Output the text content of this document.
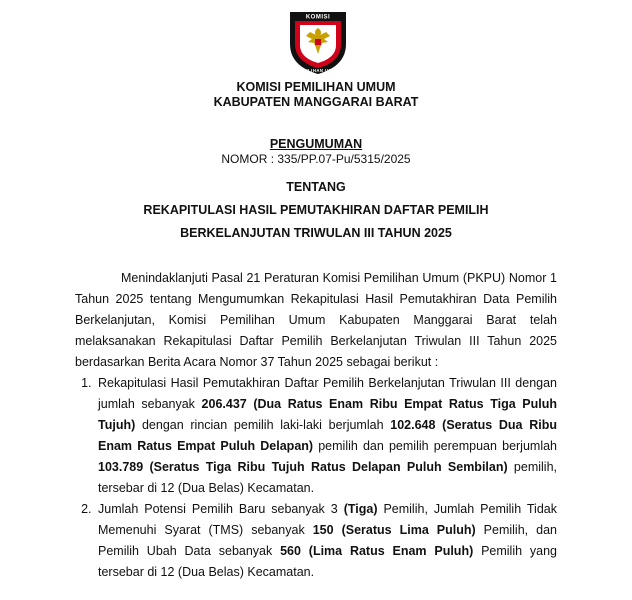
KOMISI
PEMILIHAN UMUM
KOMISI PEMILIHAN UMUM
KABUPATEN MANGGARAI BARAT
PENGUMUMAN
NOMOR : 335/PP.07-Pu/5315/2025
TENTANG
REKAPITULASI HASIL PEMUTAKHIRAN DAFTAR PEMILIH
BERKELANJUTAN TRIWULAN III TAHUN 2025

Menindaklanjuti Pasal 21 Peraturan Komisi Pemilihan Umum (PKPU) Nomor 1 Tahun 2025 tentang Mengumumkan Rekapitulasi Hasil Pemutakhiran Data Pemilih Berkelanjutan, Komisi Pemilihan Umum Kabupaten Manggarai Barat telah melaksanakan Rekapitulasi Daftar Pemilih Berkelanjutan Triwulan III Tahun 2025 berdasarkan Berita Acara Nomor 37 Tahun 2025 sebagai berikut :

1. Rekapitulasi Hasil Pemutakhiran Daftar Pemilih Berkelanjutan Triwulan III dengan jumlah sebanyak 206.437 (Dua Ratus Enam Ribu Empat Ratus Tiga Puluh Tujuh) dengan rincian pemilih laki-laki berjumlah 102.648 (Seratus Dua Ribu Enam Ratus Empat Puluh Delapan) pemilih dan pemilih perempuan berjumlah 103.789 (Seratus Tiga Ribu Tujuh Ratus Delapan Puluh Sembilan) pemilih, tersebar di 12 (Dua Belas) Kecamatan.
2. Jumlah Potensi Pemilih Baru sebanyak 3 (Tiga) Pemilih, Jumlah Pemilih Tidak Memenuhi Syarat (TMS) sebanyak 150 (Seratus Lima Puluh) Pemilih, dan Pemilih Ubah Data sebanyak 560 (Lima Ratus Enam Puluh) Pemilih yang tersebar di 12 (Dua Belas) Kecamatan.
